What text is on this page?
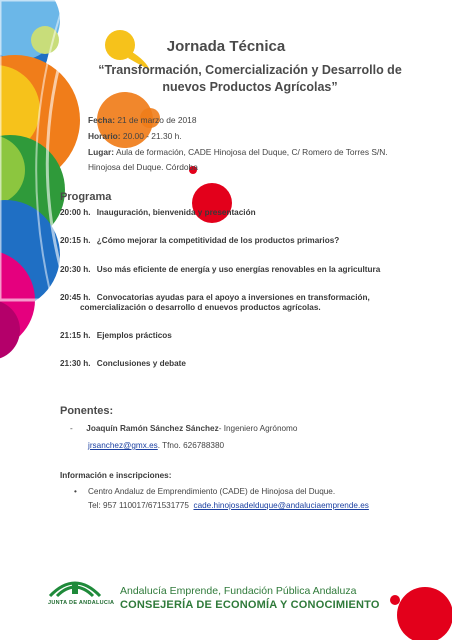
Jornada Técnica
“Transformación, Comercialización y Desarrollo de
nuevos Productos Agrícolas”
Fecha: 21 de marzo de 2018
Horario: 20.00 - 21.30 h.
Lugar: Aula de formación, CADE Hinojosa del Duque, C/ Romero de Torres S/N.
Hinojosa del Duque. Córdoba
Programa
20:00 h. Inauguración, bienvenida y presentación
20:15 h. ¿Cómo mejorar la competitividad de los productos primarios?
20:30 h. Uso más eficiente de energía y uso energías renovables en la agricultura
20:45 h. Convocatorias ayudas para el apoyo a inversiones en transformación,
comercialización o desarrollo d enuevos productos agrícolas.
21:15 h. Ejemplos prácticos
21:30 h. Conclusiones y debate
Ponentes:
- Joaquín Ramón Sánchez Sánchez- Ingeniero Agrónomo
jrsanchez@gmx.es. Tfno. 626788380
Información e inscripciones:
• Centro Andaluz de Emprendimiento (CADE) de Hinojosa del Duque.
Tel: 957 110017/671531775 cade.hinojosadelduque@andaluciaemprende.es
JUNTA DE ANDALUCIA
Andalucía Emprende, Fundación Pública Andaluza
CONSEJERÍA DE ECONOMÍA Y CONOCIMIENTO
